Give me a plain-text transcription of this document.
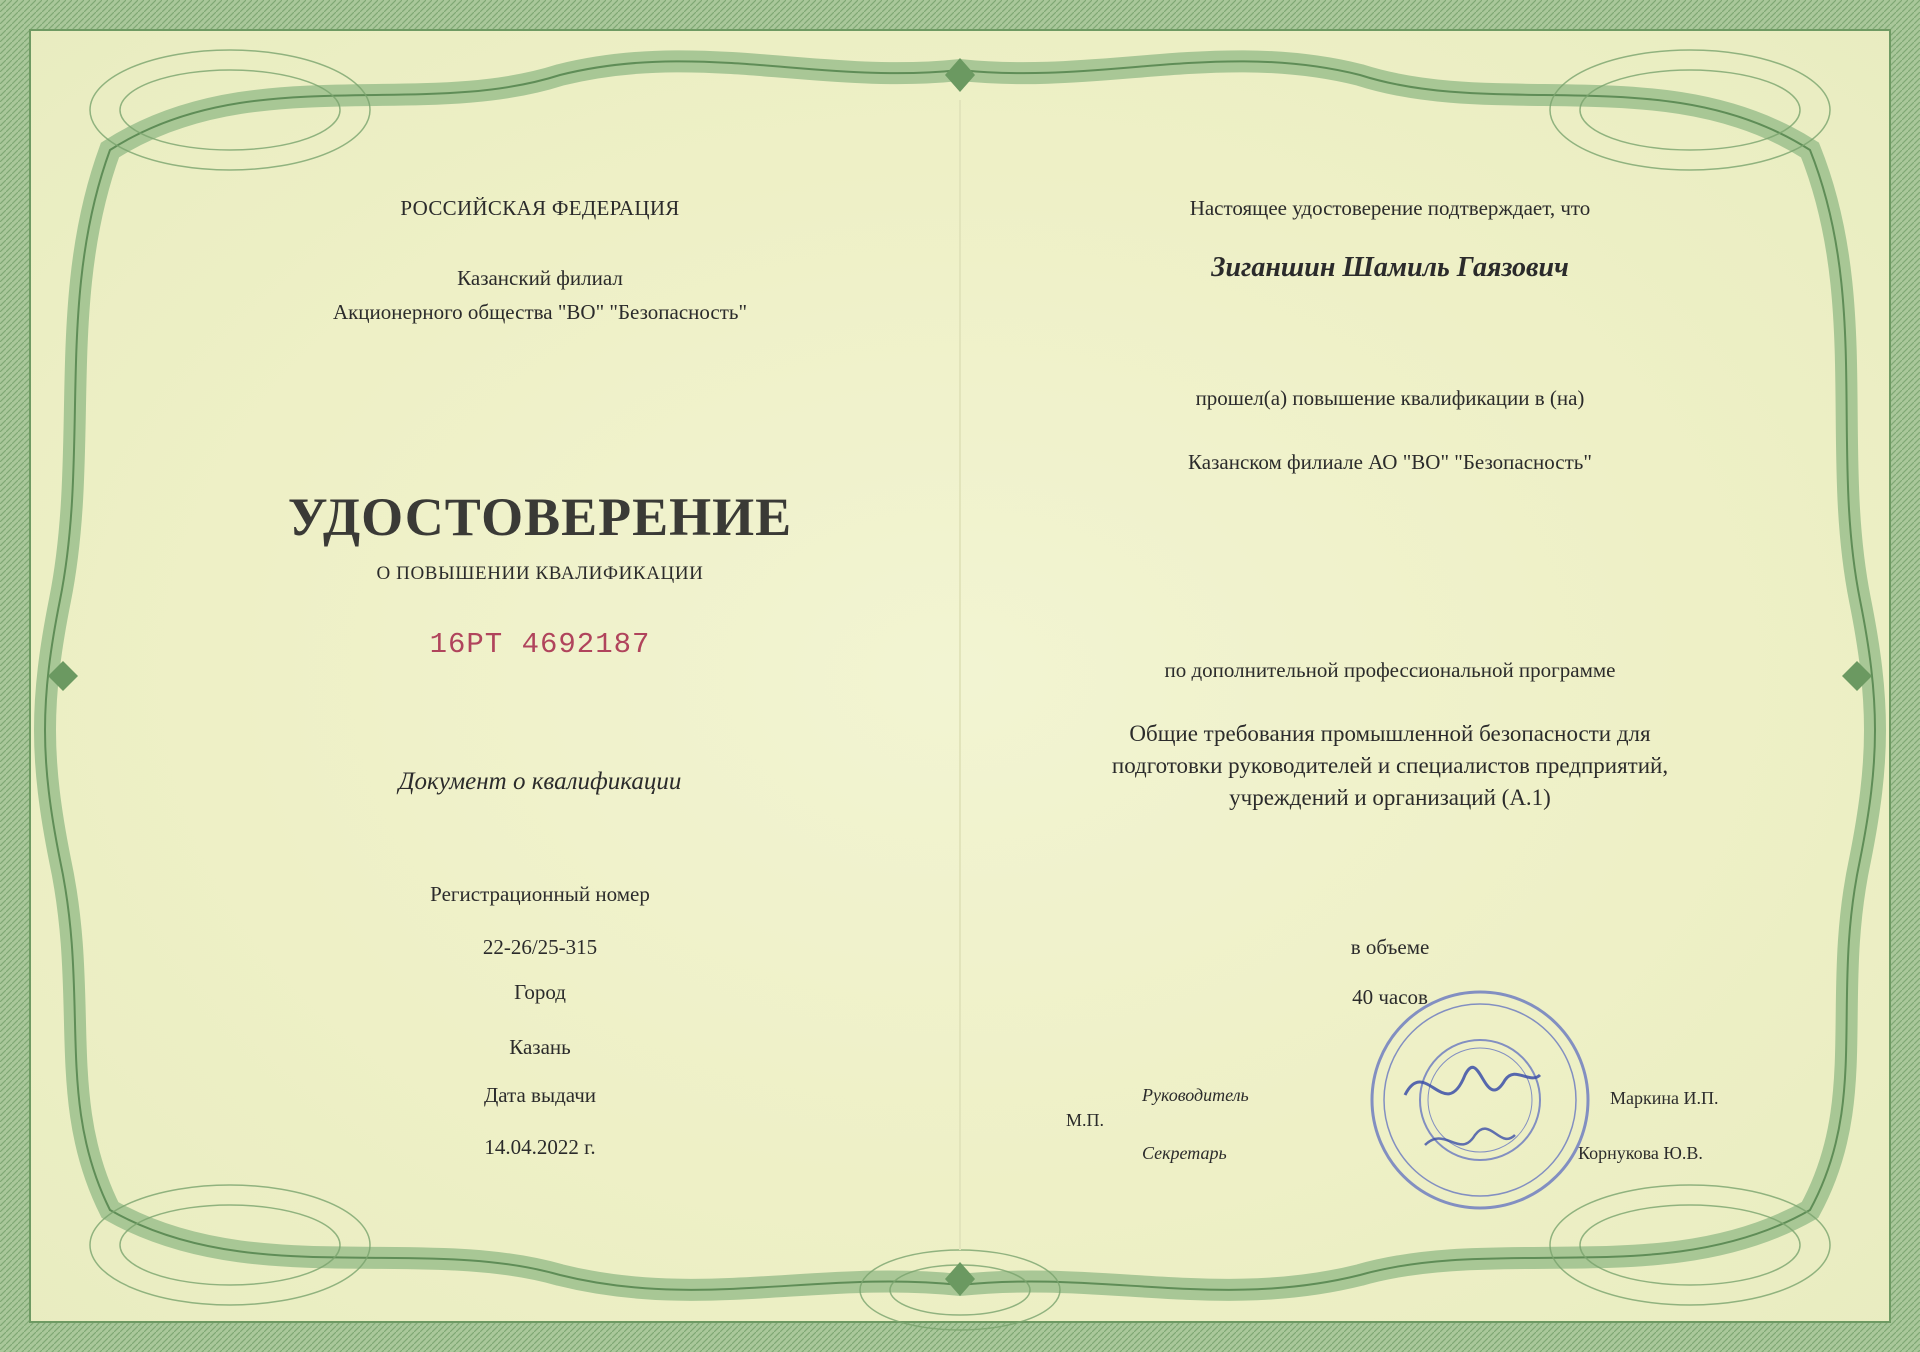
РОССИЙСКАЯ ФЕДЕРАЦИЯ
Казанский филиал
Акционерного общества "ВО" "Безопасность"
УДОСТОВЕРЕНИЕ
О ПОВЫШЕНИИ КВАЛИФИКАЦИИ
16РТ 4692187
Документ о квалификации
Регистрационный номер
22-26/25-315
Город
Казань
Дата выдачи
14.04.2022 г.
Настоящее удостоверение подтверждает, что
Зиганшин Шамиль Гаязович
прошел(а) повышение квалификации в (на)
Казанском филиале АО "ВО" "Безопасность"
по дополнительной профессиональной программе
Общие требования промышленной безопасности для
подготовки руководителей и специалистов предприятий,
учреждений и организаций (А.1)
в объеме
40 часов
Руководитель
М.П.
Секретарь
Маркина И.П.
Корнукова Ю.В.
